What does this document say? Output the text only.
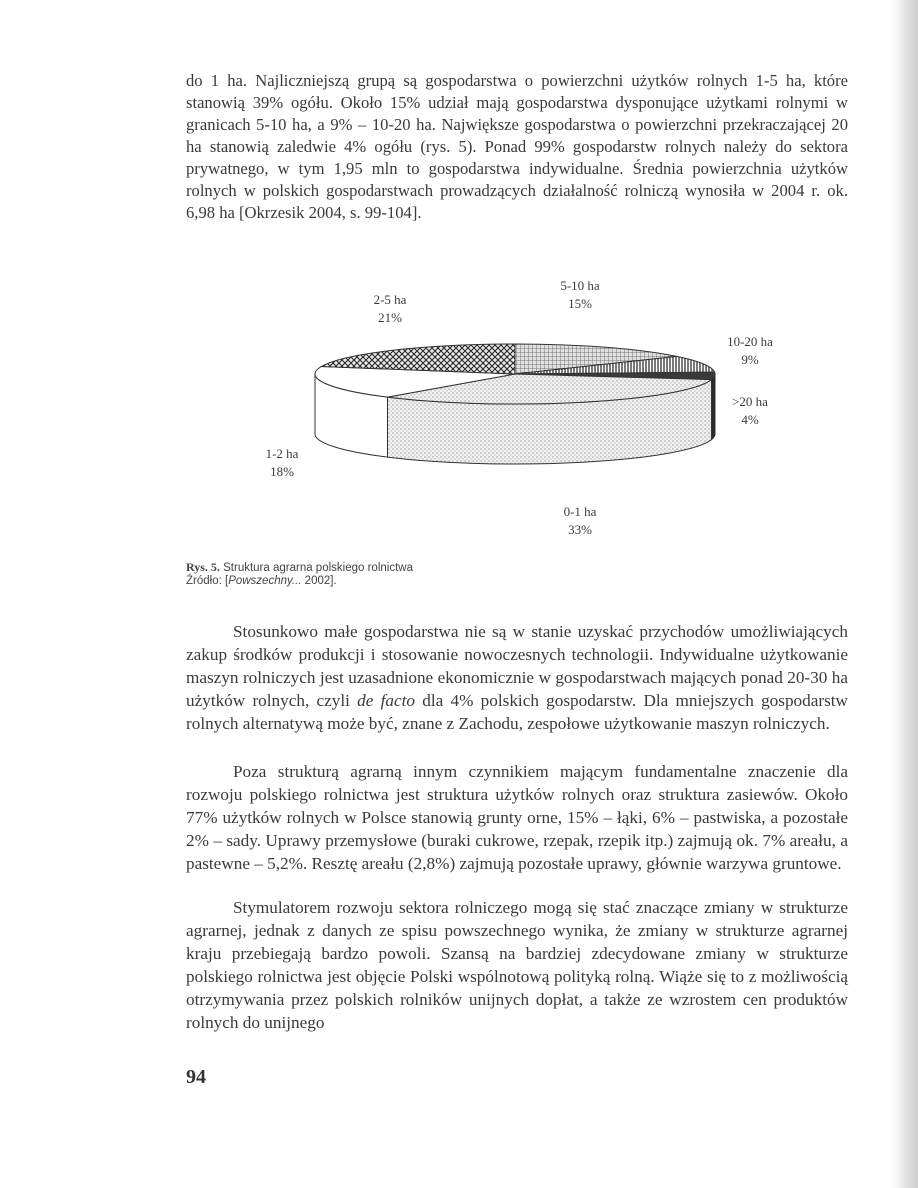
do 1 ha. Najliczniejszą grupą są gospodarstwa o powierzchni użytków rolnych 1-5 ha, które stanowią 39% ogółu. Około 15% udział mają gospodarstwa dysponujące użytkami rolnymi w granicach 5-10 ha, a 9% – 10-20 ha. Największe gospodarstwa o powierzchni przekraczającej 20 ha stanowią zaledwie 4% ogółu (rys. 5). Ponad 99% gospodarstw rolnych należy do sektora prywatnego, w tym 1,95 mln to gospodarstwa indywidualne. Średnia powierzchnia użytków rolnych w polskich gospodarstwach prowadzących działalność rolniczą wynosiła w 2004 r. ok. 6,98 ha [Okrzesik 2004, s. 99-104].

0-1 ha
33%
1-2 ha
18%
2-5 ha
21%
5-10 ha
15%
10-20 ha
9%
>20 ha
4%
Rys. 5. Struktura agrarna polskiego rolnictwa
Źródło: [Powszechny... 2002].

Stosunkowo małe gospodarstwa nie są w stanie uzyskać przychodów umożliwiających zakup środków produkcji i stosowanie nowoczesnych technologii. Indywidualne użytkowanie maszyn rolniczych jest uzasadnione ekonomicznie w gospodarstwach mających ponad 20-30 ha użytków rolnych, czyli de facto dla 4% polskich gospodarstw. Dla mniejszych gospodarstw rolnych alternatywą może być, znane z Zachodu, zespołowe użytkowanie maszyn rolniczych.

Poza strukturą agrarną innym czynnikiem mającym fundamentalne znaczenie dla rozwoju polskiego rolnictwa jest struktura użytków rolnych oraz struktura zasiewów. Około 77% użytków rolnych w Polsce stanowią grunty orne, 15% – łąki, 6% – pastwiska, a pozostałe 2% – sady. Uprawy przemysłowe (buraki cukrowe, rzepak, rzepik itp.) zajmują ok. 7% areału, a pastewne – 5,2%. Resztę areału (2,8%) zajmują pozostałe uprawy, głównie warzywa gruntowe.

Stymulatorem rozwoju sektora rolniczego mogą się stać znaczące zmiany w strukturze agrarnej, jednak z danych ze spisu powszechnego wynika, że zmiany w strukturze agrarnej kraju przebiegają bardzo powoli. Szansą na bardziej zdecydowane zmiany w strukturze polskiego rolnictwa jest objęcie Polski wspólnotową polityką rolną. Wiąże się to z możliwością otrzymywania przez polskich rolników unijnych dopłat, a także ze wzrostem cen produktów rolnych do unijnego

94
